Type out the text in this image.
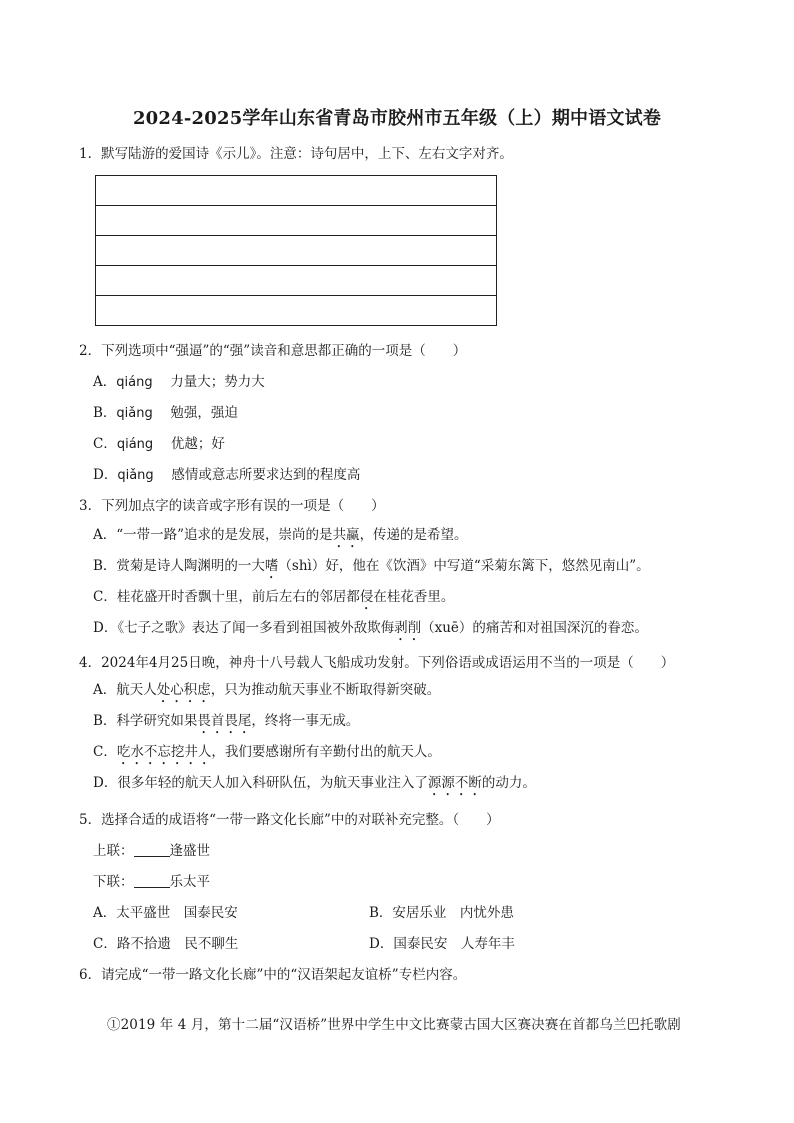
2024-2025学年山东省青岛市胶州市五年级（上）期中语文试卷
1．默写陆游的爱国诗《示儿》。注意：诗句居中，上下、左右文字对齐。
2．下列选项中“强逼”的“强”读音和意思都正确的一项是（　　）
A．qiáng 力量大；势力大
B．qiǎng 勉强，强迫
C．qiáng 优越；好
D．qiǎng 感情或意志所要求达到的程度高
3．下列加点字的读音或字形有误的一项是（　　）
A．“一带一路”追求的是发展，崇尚的是共赢，传递的是希望。
B．赏菊是诗人陶渊明的一大嗜（shì）好，他在《饮酒》中写道“采菊东篱下，悠然见南山”。
C．桂花盛开时香飘十里，前后左右的邻居都侵在桂花香里。
D．《七子之歌》表达了闻一多看到祖国被外敌欺侮剥削（xuē）的痛苦和对祖国深沉的眷恋。
4．2024年4月25日晚，神舟十八号载人飞船成功发射。下列俗语或成语运用不当的一项是（　　）
A．航天人处心积虑，只为推动航天事业不断取得新突破。
B．科学研究如果畏首畏尾，终将一事无成。
C．吃水不忘挖井人，我们要感谢所有辛勤付出的航天人。
D．很多年轻的航天人加入科研队伍，为航天事业注入了源源不断的动力。
5．选择合适的成语将“一带一路文化长廊”中的对联补充完整。（　　）
上联：	逢盛世
下联：	乐太平
A．太平盛世　国泰民安	B．安居乐业　内忧外患
C．路不拾遗　民不聊生	D．国泰民安　人寿年丰
6．请完成“一带一路文化长廊”中的“汉语架起友谊桥”专栏内容。
①2019 年 4 月，第十二届“汉语桥”世界中学生中文比赛蒙古国大区赛决赛在首都乌兰巴托歌剧
